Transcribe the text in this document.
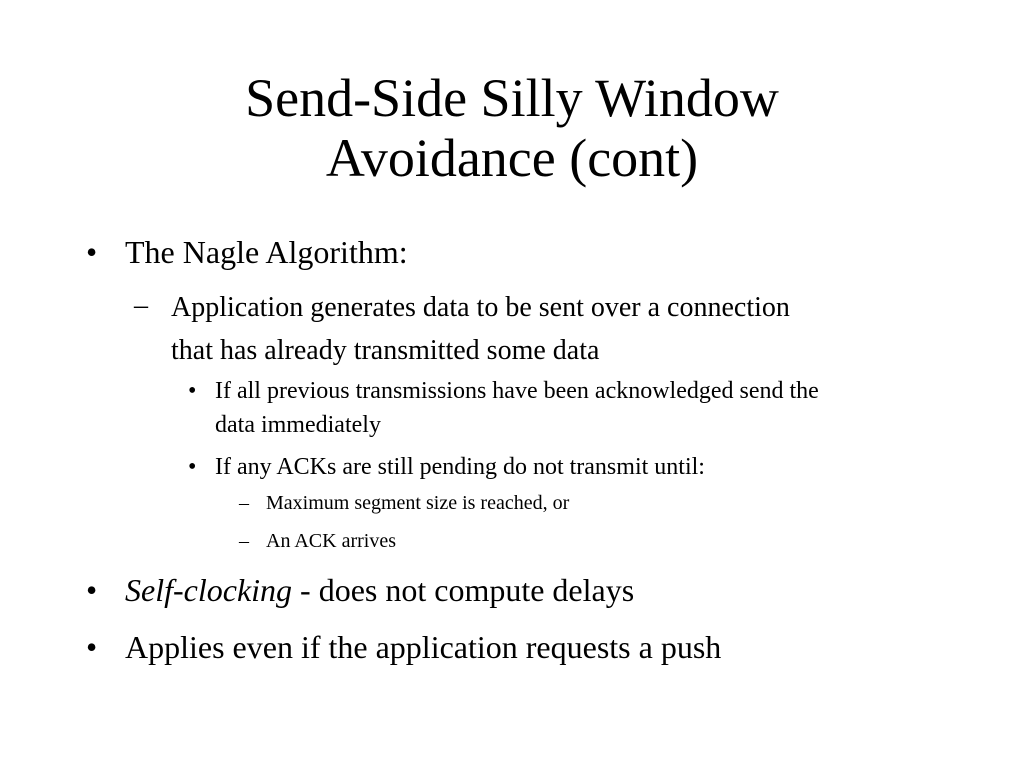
Send-Side Silly Window
Avoidance (cont)
• The Nagle Algorithm:
– Application generates data to be sent over a connection
that has already transmitted some data
• If all previous transmissions have been acknowledged send the
data immediately
• If any ACKs are still pending do not transmit until:
– Maximum segment size is reached, or
– An ACK arrives
• Self-clocking - does not compute delays
• Applies even if the application requests a push
